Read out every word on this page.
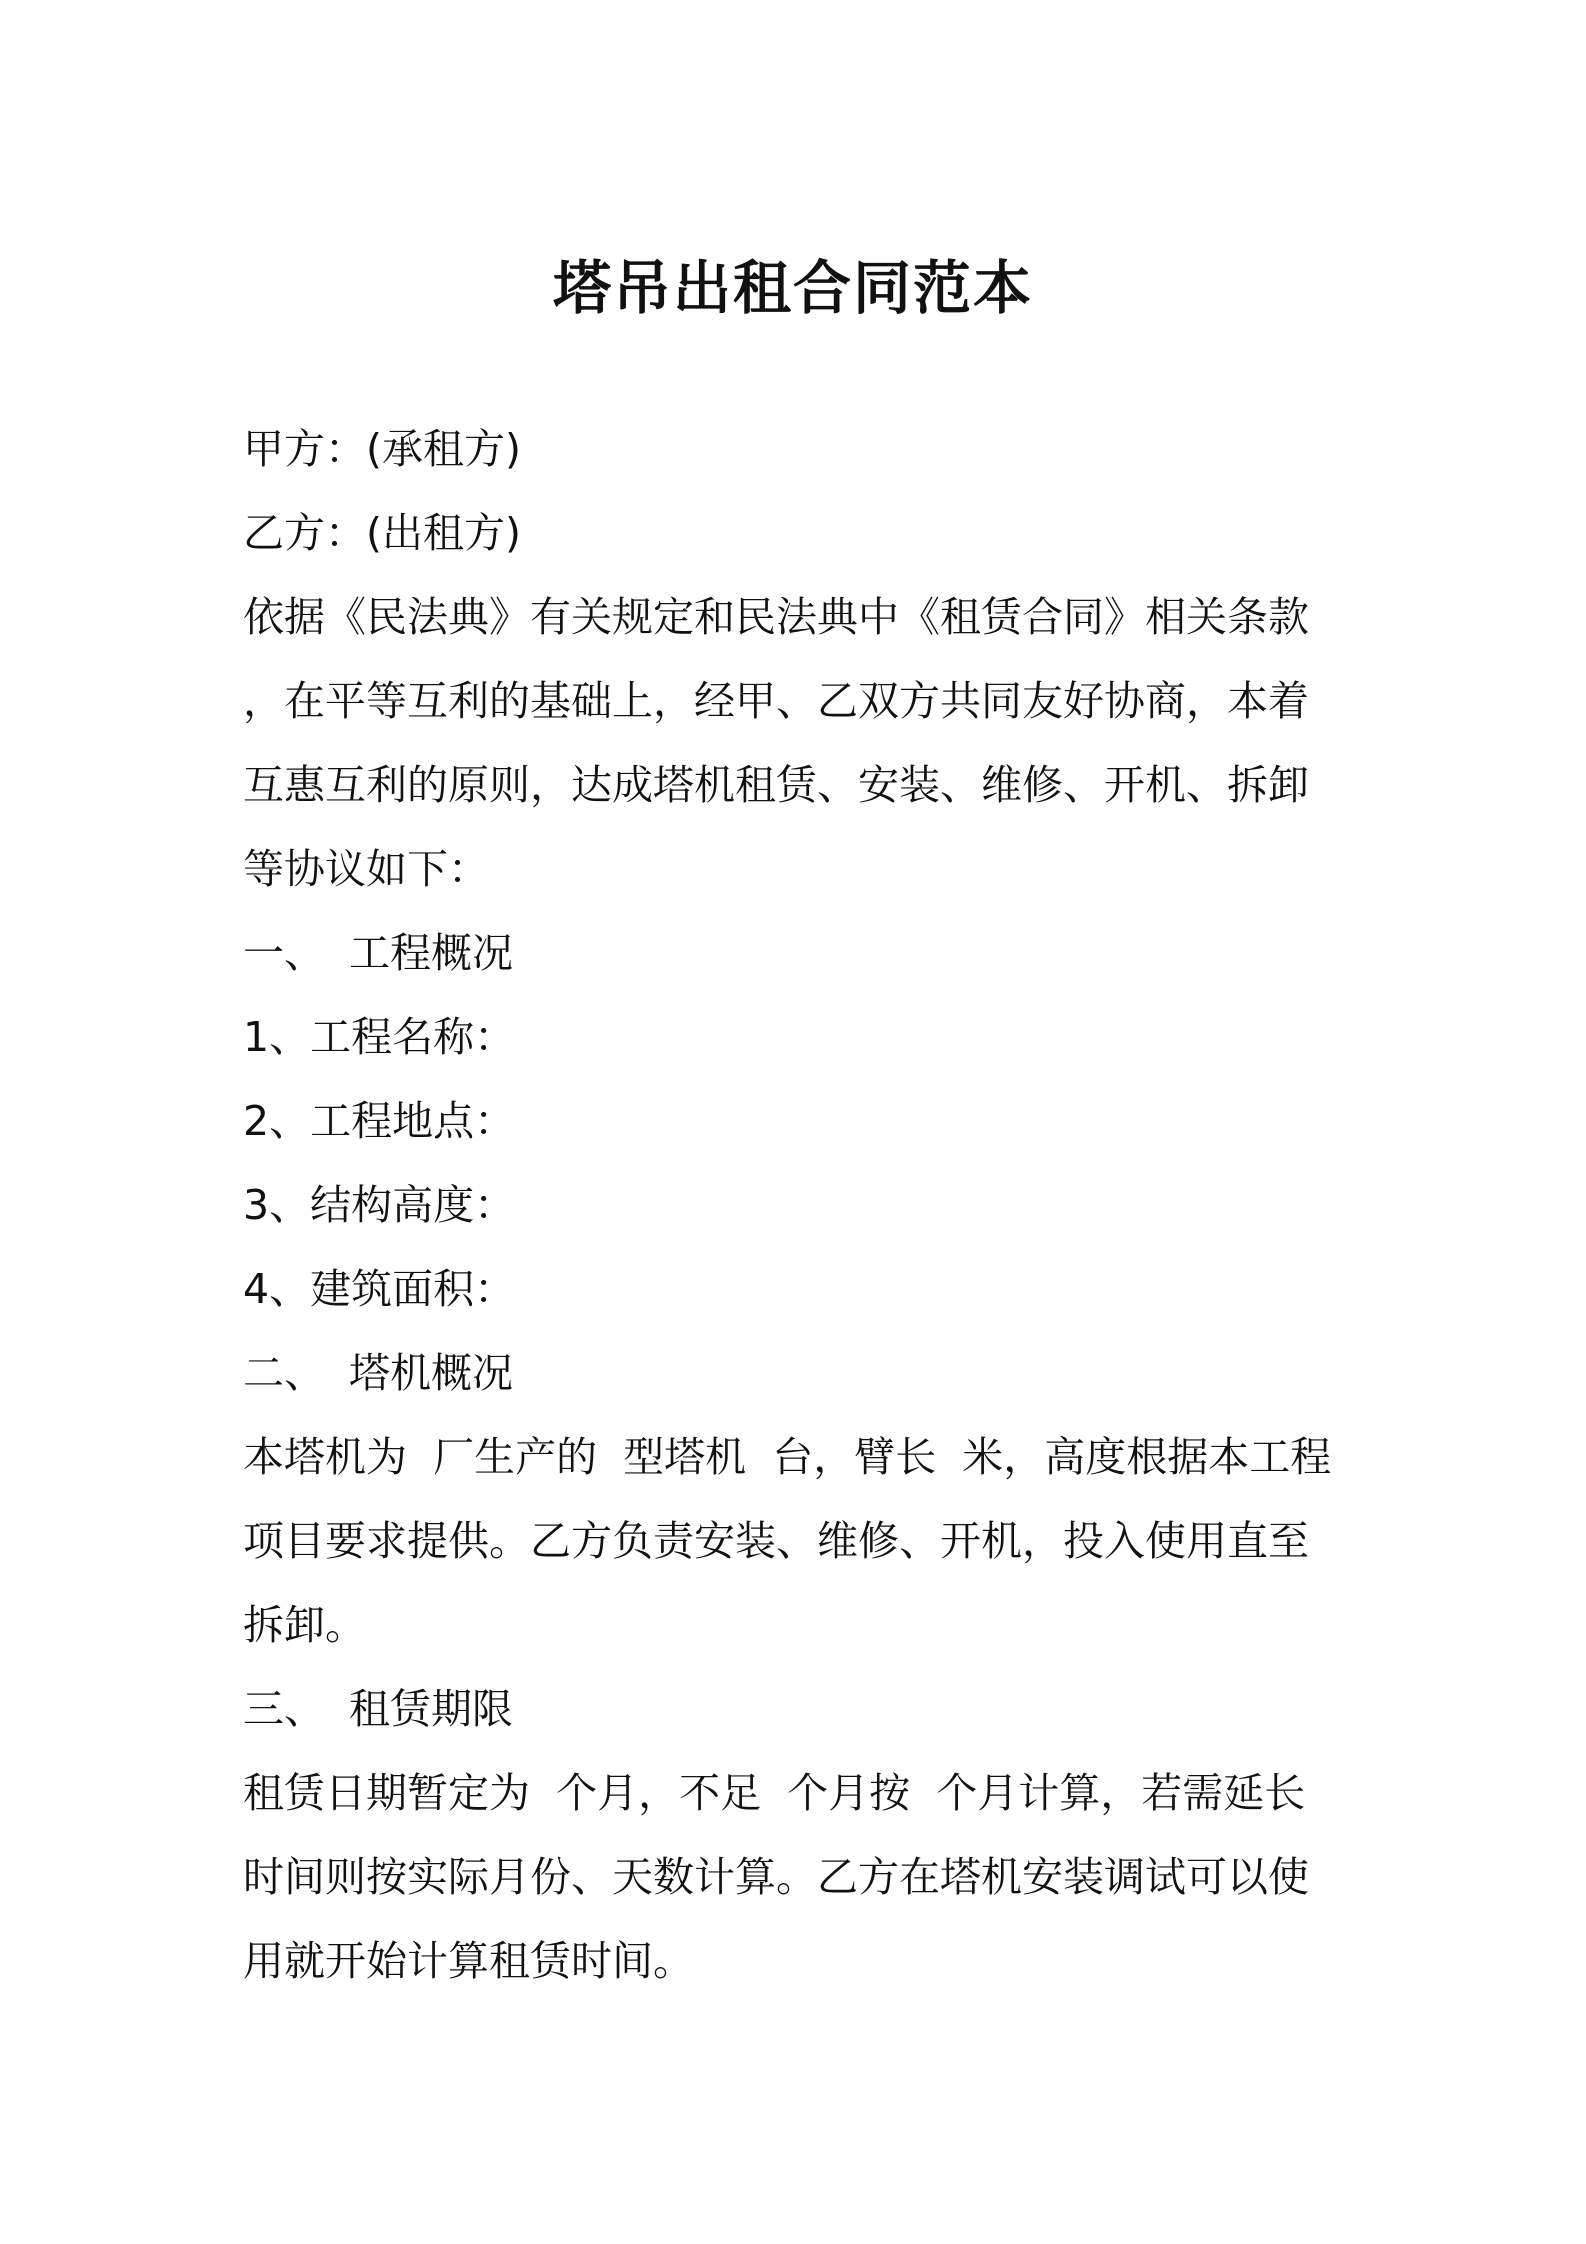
塔吊出租合同范本
甲方：(承租方)
乙方：(出租方)
依据《民法典》有关规定和民法典中《租赁合同》相关条款
，在平等互利的基础上，经甲、乙双方共同友好协商，本着
互惠互利的原则，达成塔机租赁、安装、维修、开机、拆卸
等协议如下：
一、 工程概况
1、工程名称：
2、工程地点：
3、结构高度：
4、建筑面积：
二、 塔机概况
本塔机为  厂生产的  型塔机  台，臂长  米，高度根据本工程
项目要求提供。乙方负责安装、维修、开机，投入使用直至
拆卸。
三、 租赁期限
租赁日期暂定为  个月，不足  个月按  个月计算，若需延长
时间则按实际月份、天数计算。乙方在塔机安装调试可以使
用就开始计算租赁时间。
